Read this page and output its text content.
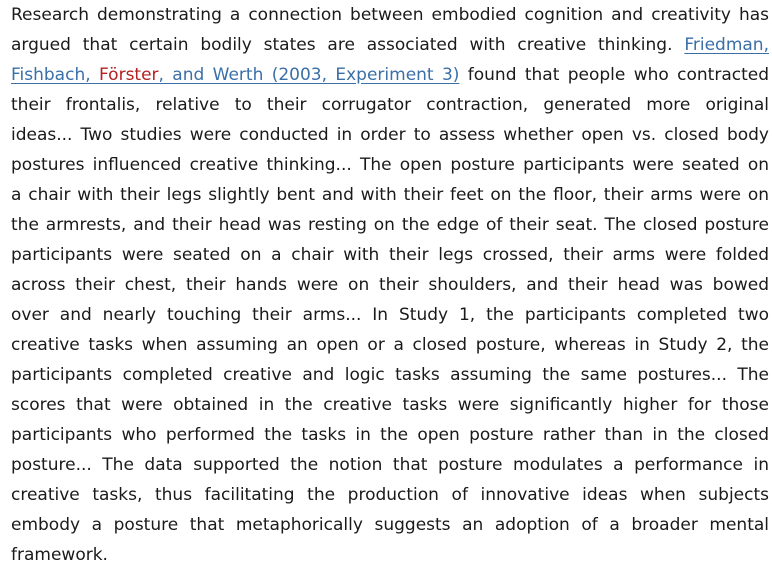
Research demonstrating a connection between embodied cognition and creativity has
argued that certain bodily states are associated with creative thinking. Friedman,
Fishbach, Förster, and Werth (2003, Experiment 3) found that people who contracted
their frontalis, relative to their corrugator contraction, generated more original
ideas... Two studies were conducted in order to assess whether open vs. closed body
postures influenced creative thinking... The open posture participants were seated on
a chair with their legs slightly bent and with their feet on the floor, their arms were on
the armrests, and their head was resting on the edge of their seat. The closed posture
participants were seated on a chair with their legs crossed, their arms were folded
across their chest, their hands were on their shoulders, and their head was bowed
over and nearly touching their arms... In Study 1, the participants completed two
creative tasks when assuming an open or a closed posture, whereas in Study 2, the
participants completed creative and logic tasks assuming the same postures... The
scores that were obtained in the creative tasks were significantly higher for those
participants who performed the tasks in the open posture rather than in the closed
posture... The data supported the notion that posture modulates a performance in
creative tasks, thus facilitating the production of innovative ideas when subjects
embody a posture that metaphorically suggests an adoption of a broader mental
framework.
